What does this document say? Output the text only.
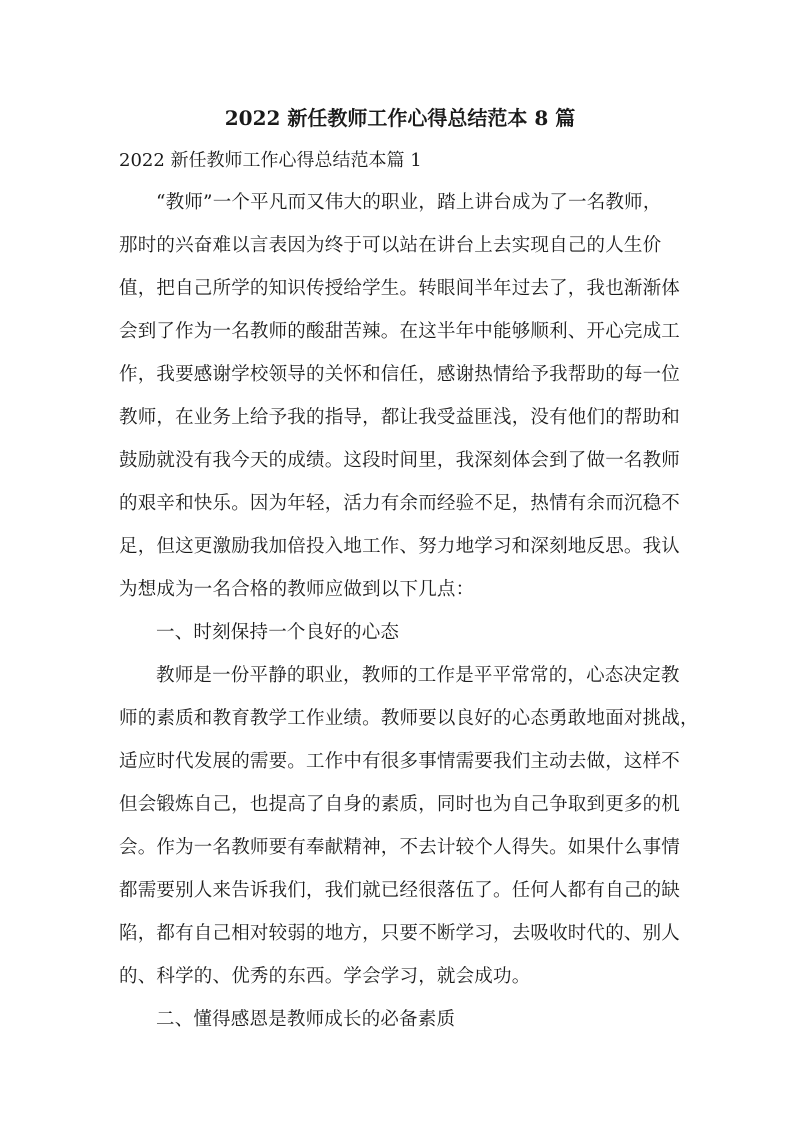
2022 新任教师工作心得总结范本 8 篇

2022 新任教师工作心得总结范本篇 1

“教师”一个平凡而又伟大的职业，踏上讲台成为了一名教师，

那时的兴奋难以言表因为终于可以站在讲台上去实现自己的人生价

值，把自己所学的知识传授给学生。转眼间半年过去了，我也渐渐体

会到了作为一名教师的酸甜苦辣。在这半年中能够顺利、开心完成工

作，我要感谢学校领导的关怀和信任，感谢热情给予我帮助的每一位

教师，在业务上给予我的指导，都让我受益匪浅，没有他们的帮助和

鼓励就没有我今天的成绩。这段时间里，我深刻体会到了做一名教师

的艰辛和快乐。因为年轻，活力有余而经验不足，热情有余而沉稳不

足，但这更激励我加倍投入地工作、努力地学习和深刻地反思。我认

为想成为一名合格的教师应做到以下几点：

一、时刻保持一个良好的心态

教师是一份平静的职业，教师的工作是平平常常的，心态决定教

师的素质和教育教学工作业绩。教师要以良好的心态勇敢地面对挑战，

适应时代发展的需要。工作中有很多事情需要我们主动去做，这样不

但会锻炼自己，也提高了自身的素质，同时也为自己争取到更多的机

会。作为一名教师要有奉献精神，不去计较个人得失。如果什么事情

都需要别人来告诉我们，我们就已经很落伍了。任何人都有自己的缺

陷，都有自己相对较弱的地方，只要不断学习，去吸收时代的、别人

的、科学的、优秀的东西。学会学习，就会成功。

二、懂得感恩是教师成长的必备素质
